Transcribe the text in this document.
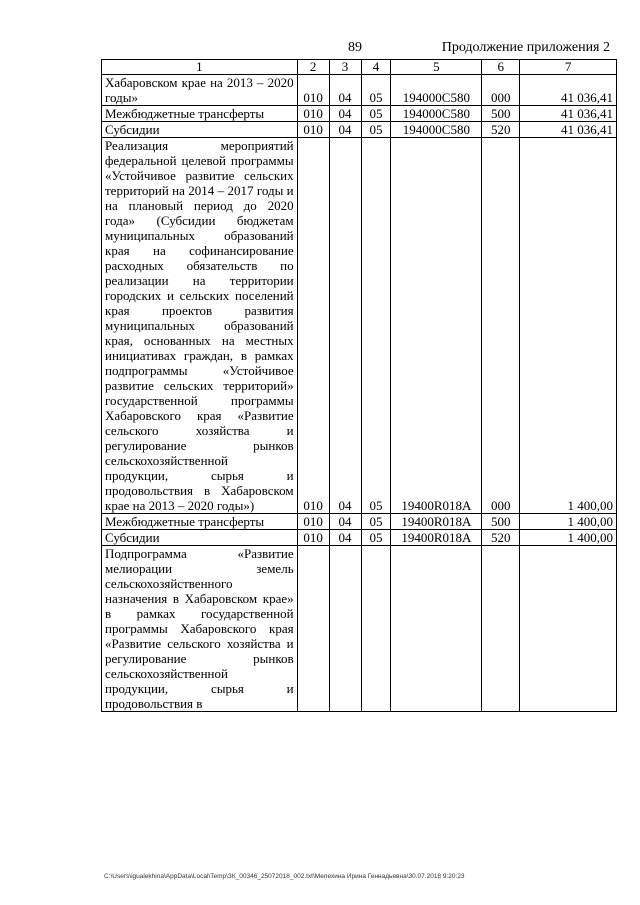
89	Продолжение приложения 2
1	2	3	4	5	6	7
Хабаровском крае на 2013 – 2020 годы»	010	04	05	194000С580	000	41 036,41
Межбюджетные трансферты	010	04	05	194000С580	500	41 036,41
Субсидии	010	04	05	194000С580	520	41 036,41
Реализация мероприятий федеральной целевой программы «Устойчивое развитие сельских территорий на 2014 – 2017 годы и на плановый период до 2020 года» (Субсидии бюджетам муниципальных образований края на софинансирование расходных обязательств по реализации на территории городских и сельских поселений края проектов развития муниципальных образований края, основанных на местных инициативах граждан, в рамках подпрограммы «Устойчивое развитие сельских территорий» государственной программы Хабаровского края «Развитие сельского хозяйства и регулирование рынков сельскохозяйственной продукции, сырья и продовольствия в Хабаровском крае на 2013 – 2020 годы»)	010	04	05	19400R018A	000	1 400,00
Межбюджетные трансферты	010	04	05	19400R018A	500	1 400,00
Субсидии	010	04	05	19400R018A	520	1 400,00
Подпрограмма «Развитие мелиорации земель сельскохозяйственного назначения в Хабаровском крае» в рамках государственной программы Хабаровского края «Развитие сельского хозяйства и регулирование рынков сельскохозяйственной продукции, сырья и продовольствия в						
C:\Users\igualekhina\AppData\Local\Temp\ЗК_00346_25072018_002.txt\Мелехина Ирина Геннадьевна\30.07.2018 9:20:23
